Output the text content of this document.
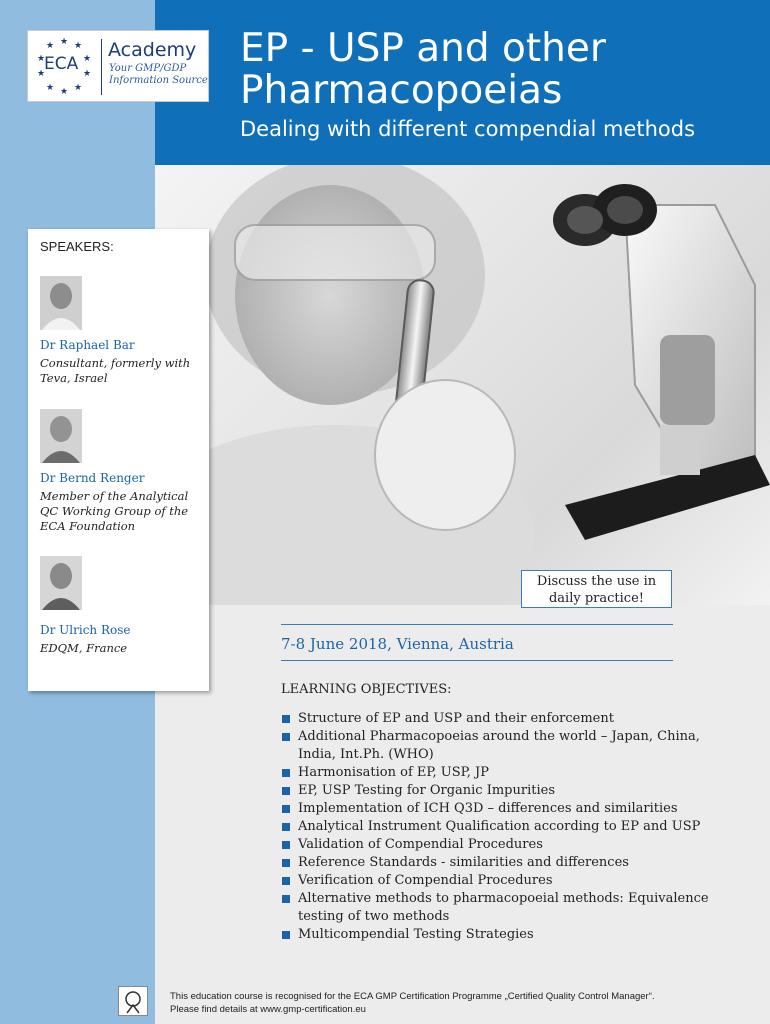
★ ★
★
★
★
★
★
★
★
★
ECA
Academy
Your GMP/GDP
Information Source
EP - USP and other
Pharmacopoeias
Dealing with different compendial methods
SPEAKERS:
Dr Raphael Bar
Consultant, formerly with Teva, Israel
Dr Bernd Renger
Member of the Analytical QC Working Group of the ECA Foundation
Dr Ulrich Rose
EDQM, France
Discuss the use in
daily practice!
7-8 June 2018, Vienna, Austria
LEARNING OBJECTIVES:
Structure of EP and USP and their enforcement
Additional Pharmacopoeias around the world – Japan, China, India, Int.Ph. (WHO)
Harmonisation of EP, USP, JP
EP, USP Testing for Organic Impurities
Implementation of ICH Q3D – differences and similarities
Analytical Instrument Qualification according to EP and USP
Validation of Compendial Procedures
Reference Standards - similarities and differences
Verification of Compendial Procedures
Alternative methods to pharmacopoeial methods: Equivalence testing of two methods
Multicompendial Testing Strategies
This education course is recognised for the ECA GMP Certification Programme „Certified Quality Control Manager“.
Please find details at www.gmp-certification.eu
